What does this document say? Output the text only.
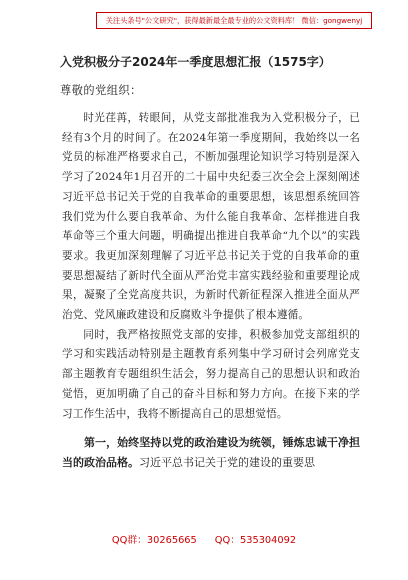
关注头条号"公文研究"，获得最新最全最专业的公文资料库！ 微信：gongwenyj
入党积极分子2024年一季度思想汇报（1575字）
尊敬的党组织：

时光荏苒，转眼间，从党支部批准我为入党积极分子，已经有3个月的时间了。在2024年第一季度期间，我始终以一名党员的标准严格要求自己，不断加强理论知识学习特别是深入学习了2024年1月召开的二十届中央纪委三次全会上深刻阐述习近平总书记关于党的自我革命的重要思想，该思想系统回答我们党为什么要自我革命、为什么能自我革命、怎样推进自我革命等三个重大问题，明确提出推进自我革命“九个以”的实践要求。我更加深刻理解了习近平总书记关于党的自我革命的重要思想凝结了新时代全面从严治党丰富实践经验和重要理论成果，凝聚了全党高度共识，为新时代新征程深入推进全面从严治党、党风廉政建设和反腐败斗争提供了根本遵循。

同时，我严格按照党支部的安排，积极参加党支部组织的学习和实践活动特别是主题教育系列集中学习研讨会列席党支部主题教育专题组织生活会，努力提高自己的思想认识和政治觉悟，更加明确了自己的奋斗目标和努力方向。在接下来的学习工作生活中，我将不断提高自己的思想觉悟。

第一，始终坚持以党的政治建设为统领，锤炼忠诚干净担当的政治品格。习近平总书记关于党的建设的重要思

QQ群：30265665 QQ：535304092
